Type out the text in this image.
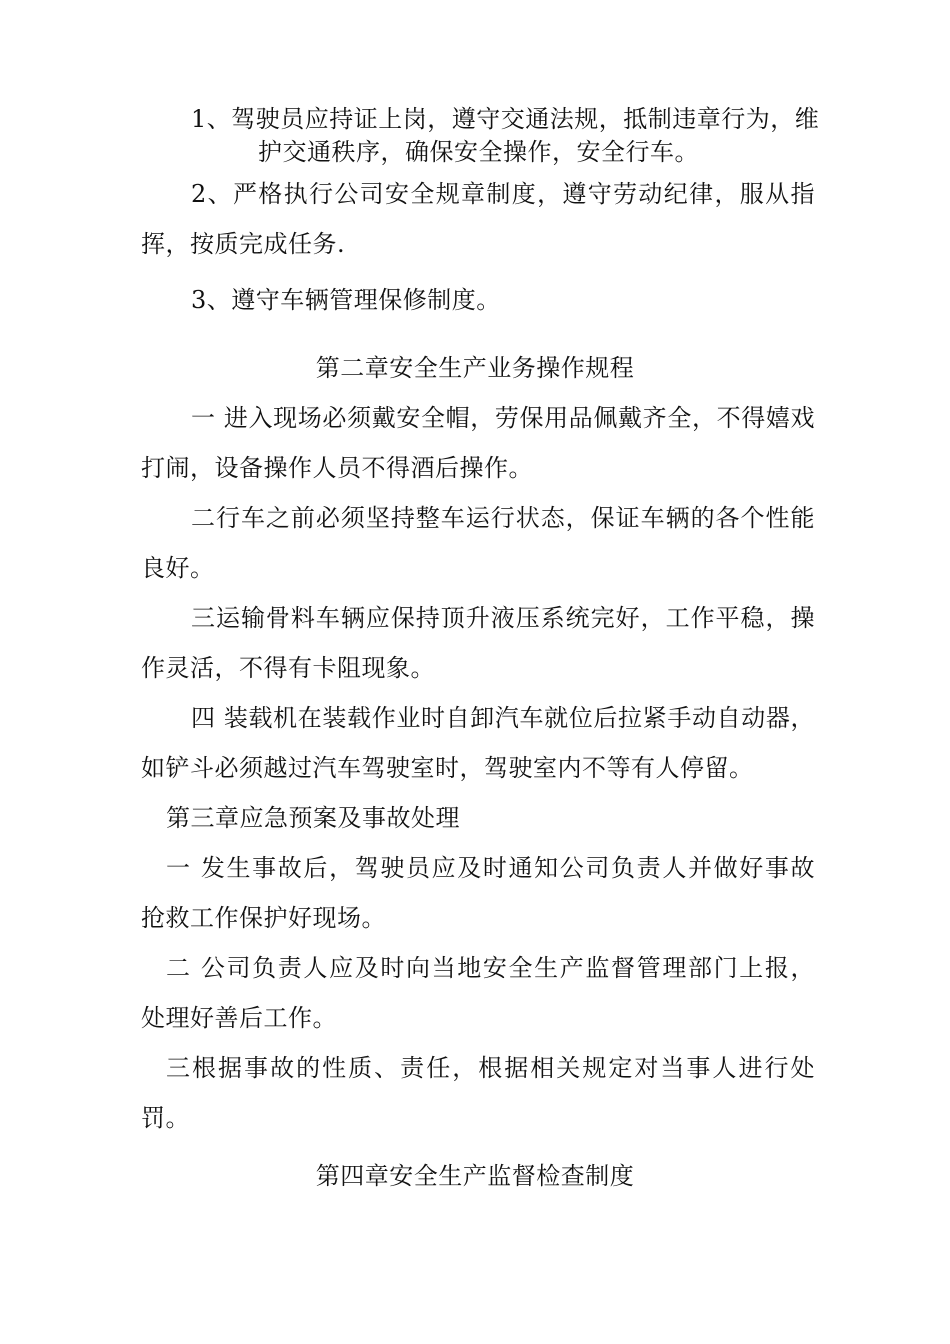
1、驾驶员应持证上岗，遵守交通法规，抵制违章行为，维
护交通秩序，确保安全操作，安全行车。
2、严格执行公司安全规章制度，遵守劳动纪律，服从指
挥，按质完成任务.
3、遵守车辆管理保修制度。
第二章安全生产业务操作规程
一 进入现场必须戴安全帽，劳保用品佩戴齐全，不得嬉戏
打闹，设备操作人员不得酒后操作。
二行车之前必须坚持整车运行状态，保证车辆的各个性能
良好。
三运输骨料车辆应保持顶升液压系统完好，工作平稳，操
作灵活，不得有卡阻现象。
四 装载机在装载作业时自卸汽车就位后拉紧手动自动器，
如铲斗必须越过汽车驾驶室时，驾驶室内不等有人停留。
第三章应急预案及事故处理
一 发生事故后，驾驶员应及时通知公司负责人并做好事故
抢救工作保护好现场。
二 公司负责人应及时向当地安全生产监督管理部门上报，
处理好善后工作。
三根据事故的性质、责任，根据相关规定对当事人进行处
罚。
第四章安全生产监督检查制度
